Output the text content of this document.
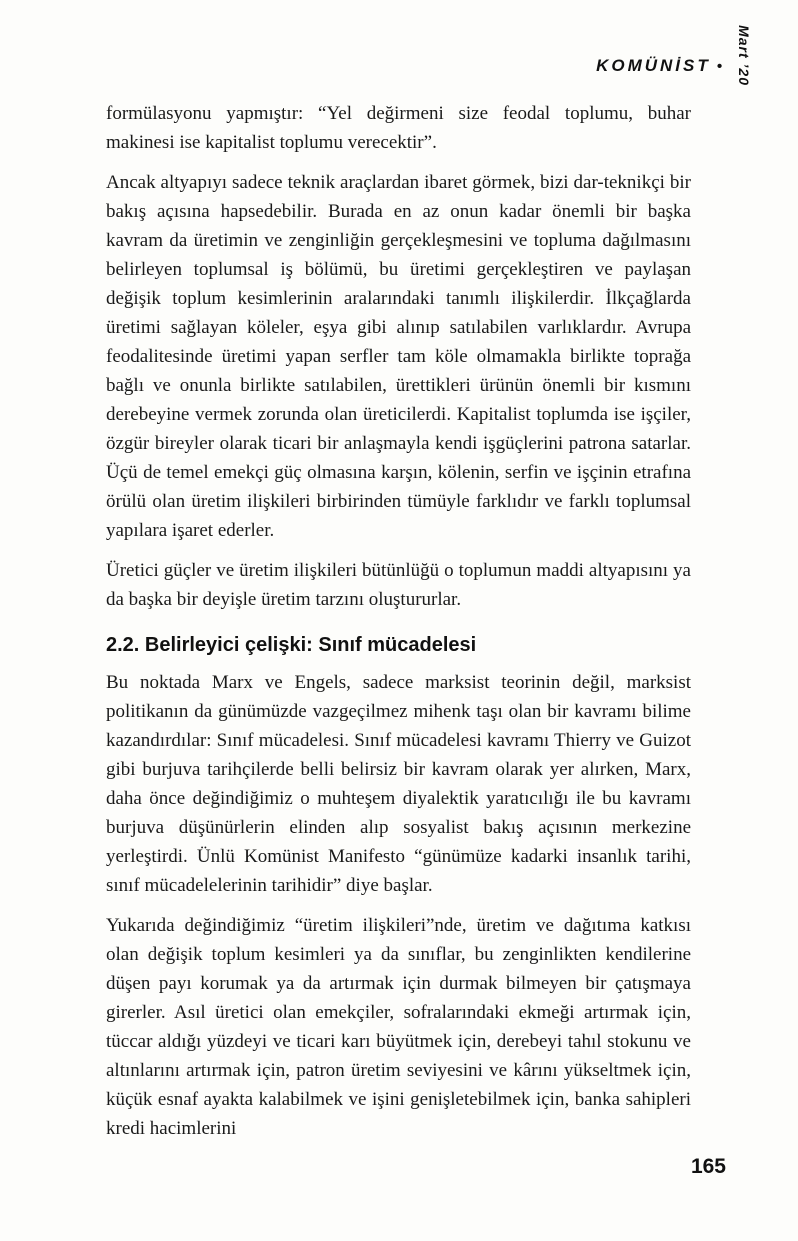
KOMÜNİST • Mart ’20

formülasyonu yapmıştır: “Yel değirmeni size feodal toplumu, buhar makinesi ise kapitalist toplumu verecektir”.

Ancak altyapıyı sadece teknik araçlardan ibaret görmek, bizi dar-teknikçi bir bakış açısına hapsedebilir. Burada en az onun kadar önemli bir başka kavram da üretimin ve zenginliğin gerçekleşmesini ve topluma dağılmasını belirleyen toplumsal iş bölümü, bu üretimi gerçekleştiren ve paylaşan değişik toplum kesimlerinin aralarındaki tanımlı ilişkilerdir. İlkçağlarda üretimi sağlayan köleler, eşya gibi alınıp satılabilen varlıklardır. Avrupa feodalitesinde üretimi yapan serfler tam köle olmamakla birlikte toprağa bağlı ve onunla birlikte satılabilen, ürettikleri ürünün önemli bir kısmını derebeyine vermek zorunda olan üreticilerdi. Kapitalist toplumda ise işçiler, özgür bireyler olarak ticari bir anlaşmayla kendi işgüçlerini patrona satarlar. Üçü de temel emekçi güç olmasına karşın, kölenin, serfin ve işçinin etrafına örülü olan üretim ilişkileri birbirinden tümüyle farklıdır ve farklı toplumsal yapılara işaret ederler.

Üretici güçler ve üretim ilişkileri bütünlüğü o toplumun maddi altyapısını ya da başka bir deyişle üretim tarzını oluştururlar.

2.2. Belirleyici çelişki: Sınıf mücadelesi

Bu noktada Marx ve Engels, sadece marksist teorinin değil, marksist politikanın da günümüzde vazgeçilmez mihenk taşı olan bir kavramı bilime kazandırdılar: Sınıf mücadelesi. Sınıf mücadelesi kavramı Thierry ve Guizot gibi burjuva tarihçilerde belli belirsiz bir kavram olarak yer alırken, Marx, daha önce değindiğimiz o muhteşem diyalektik yaratıcılığı ile bu kavramı burjuva düşünürlerin elinden alıp sosyalist bakış açısının merkezine yerleştirdi. Ünlü Komünist Manifesto “günümüze kadarki insanlık tarihi, sınıf mücadelelerinin tarihidir” diye başlar.

Yukarıda değindiğimiz “üretim ilişkileri”nde, üretim ve dağıtıma katkısı olan değişik toplum kesimleri ya da sınıflar, bu zenginlikten kendilerine düşen payı korumak ya da artırmak için durmak bilmeyen bir çatışmaya girerler. Asıl üretici olan emekçiler, sofralarındaki ekmeği artırmak için, tüccar aldığı yüzdeyi ve ticari karı büyütmek için, derebeyi tahıl stokunu ve altınlarını artırmak için, patron üretim seviyesini ve kârını yükseltmek için, küçük esnaf ayakta kalabilmek ve işini genişletebilmek için, banka sahipleri kredi hacimlerini

165
